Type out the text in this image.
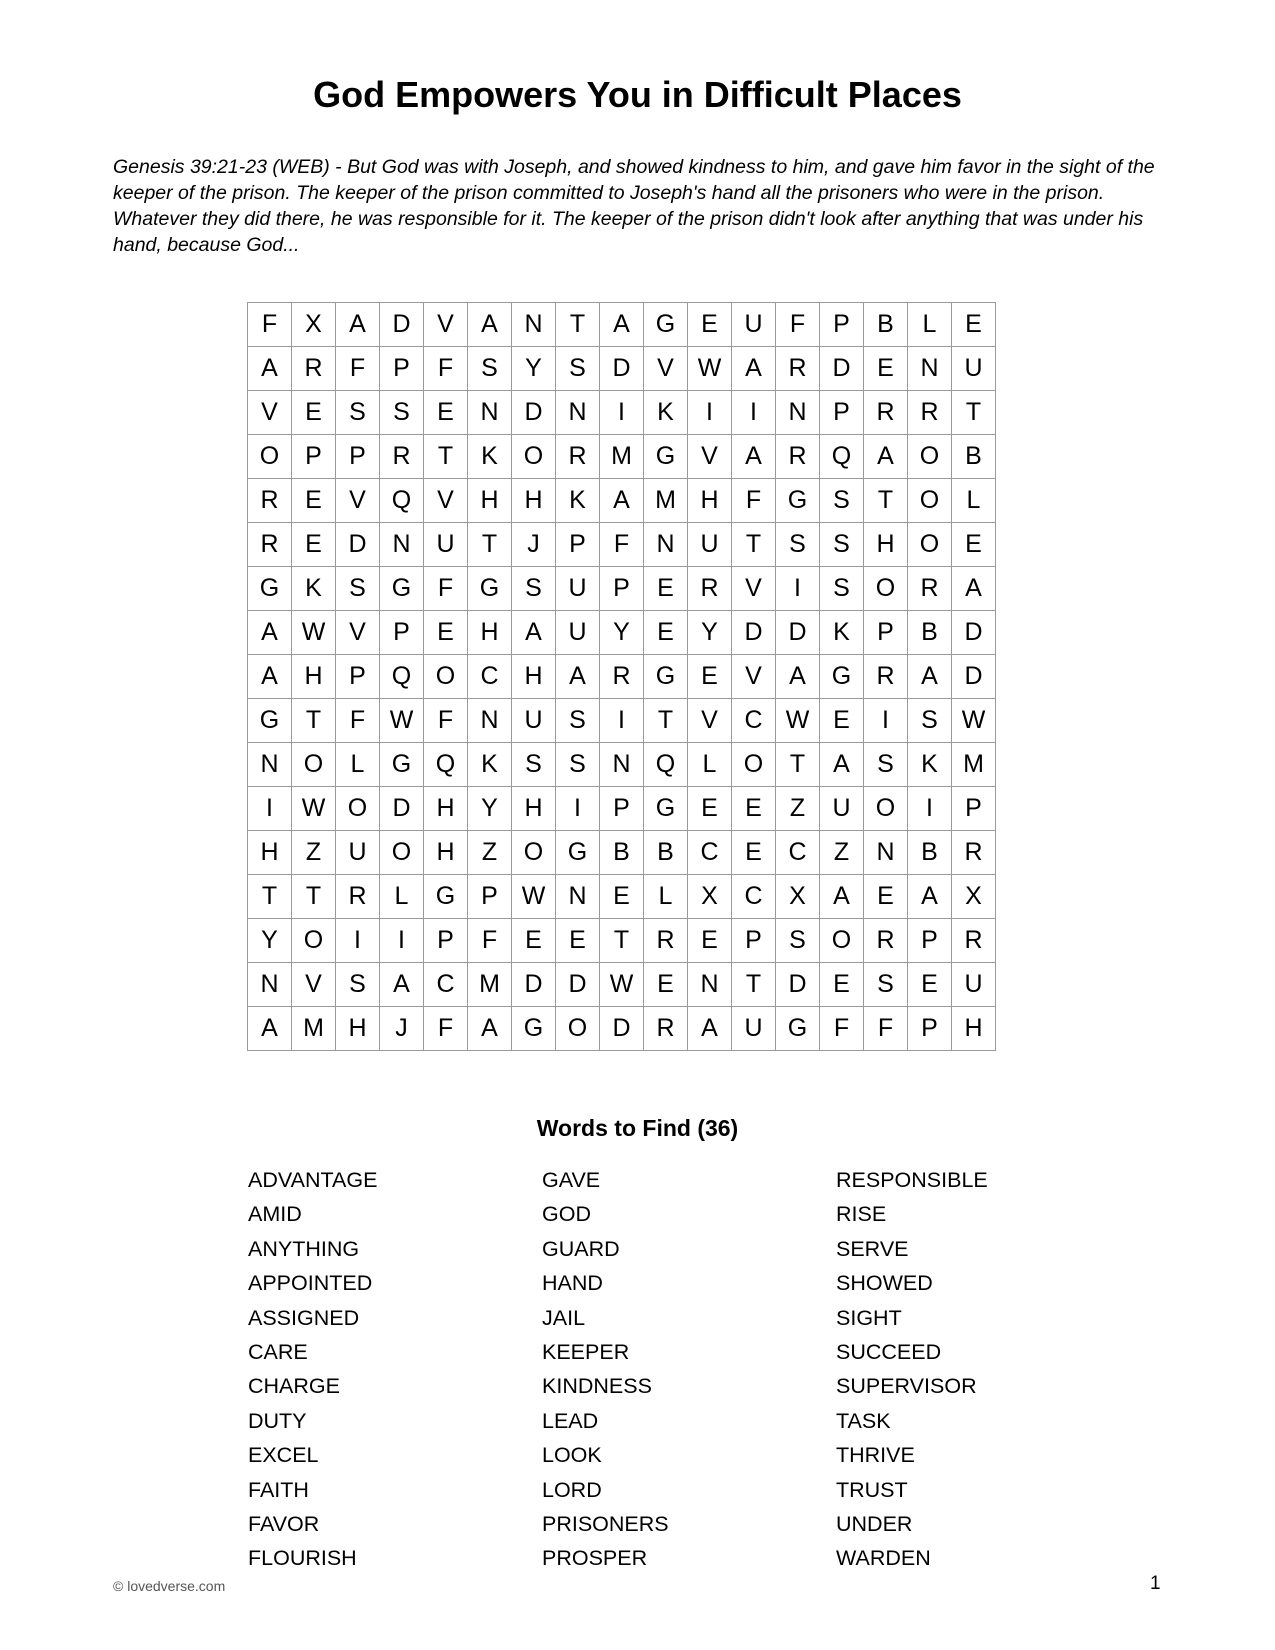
God Empowers You in Difficult Places

Genesis 39:21-23 (WEB) - But God was with Joseph, and showed kindness to him, and gave him favor in the sight of the keeper of the prison. The keeper of the prison committed to Joseph's hand all the prisoners who were in the prison. Whatever they did there, he was responsible for it. The keeper of the prison didn't look after anything that was under his hand, because God...

F	X	A	D	V	A	N	T	A	G	E	U	F	P	B	L	E
A	R	F	P	F	S	Y	S	D	V	W	A	R	D	E	N	U
V	E	S	S	E	N	D	N	I	K	I	I	N	P	R	R	T
O	P	P	R	T	K	O	R	M	G	V	A	R	Q	A	O	B
R	E	V	Q	V	H	H	K	A	M	H	F	G	S	T	O	L
R	E	D	N	U	T	J	P	F	N	U	T	S	S	H	O	E
G	K	S	G	F	G	S	U	P	E	R	V	I	S	O	R	A
A	W	V	P	E	H	A	U	Y	E	Y	D	D	K	P	B	D
A	H	P	Q	O	C	H	A	R	G	E	V	A	G	R	A	D
G	T	F	W	F	N	U	S	I	T	V	C	W	E	I	S	W
N	O	L	G	Q	K	S	S	N	Q	L	O	T	A	S	K	M
I	W	O	D	H	Y	H	I	P	G	E	E	Z	U	O	I	P
H	Z	U	O	H	Z	O	G	B	B	C	E	C	Z	N	B	R
T	T	R	L	G	P	W	N	E	L	X	C	X	A	E	A	X
Y	O	I	I	P	F	E	E	T	R	E	P	S	O	R	P	R
N	V	S	A	C	M	D	D	W	E	N	T	D	E	S	E	U
A	M	H	J	F	A	G	O	D	R	A	U	G	F	F	P	H
Words to Find (36)
ADVANTAGE
AMID
ANYTHING
APPOINTED
ASSIGNED
CARE
CHARGE
DUTY
EXCEL
FAITH
FAVOR
FLOURISH
GAVE
GOD
GUARD
HAND
JAIL
KEEPER
KINDNESS
LEAD
LOOK
LORD
PRISONERS
PROSPER
RESPONSIBLE
RISE
SERVE
SHOWED
SIGHT
SUCCEED
SUPERVISOR
TASK
THRIVE
TRUST
UNDER
WARDEN
© lovedverse.com	1
